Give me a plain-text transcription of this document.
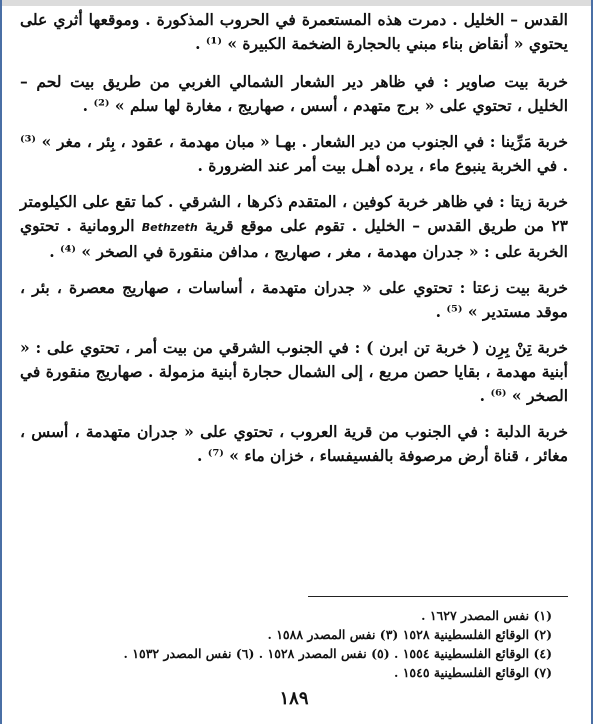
القدس – الخليل . دمرت هذه المستعمرة في الحروب المذكورة . وموقعها أثري على يحتوي « أنقاض بناء مبني بالحجارة الضخمة الكبيرة » ⁽¹⁾ .

خربة بيت صاوير : في ظاهر دير الشعار الشمالي الغربي من طريق بيت لحم – الخليل ، تحتوي على « برج متهدم ، أسس ، صهاريج ، مغارة لها سلم » ⁽²⁾ .

خربة مَرِّينا : في الجنوب من دير الشعار . بهـا « مبان مهدمة ، عقود ، بِئر ، مغر » ⁽³⁾ . في الخربة ينبوع ماء ، يرده أهـل بيت أمر عند الضرورة .

خربة زيتا : في ظاهر خربة كوفين ، المتقدم ذكرها ، الشرقي . كما تقع على الكيلومتر ٢٣ من طريق القدس – الخليل . تقوم على موقع قرية Bethzeth الرومانية . تحتوي الخربة على : « جدران مهدمة ، مغر ، صهاريج ، مدافن منقورة في الصخر » ⁽⁴⁾ .

خربة بيت زعتا : تحتوي على « جدران متهدمة ، أساسات ، صهاريج معصرة ، بئر ، موقد مستدير » ⁽⁵⁾ .

خربة تِنْ بِرِن ( خربة تن ابرن ) : في الجنوب الشرقي من بيت أمر ، تحتوي على : « أبنية مهدمة ، بقايا حصن مربع ، إلى الشمال حجارة أبنية مزمولة . صهاريج منقورة في الصخر » ⁽⁶⁾ .

خربة الدلبة : في الجنوب من قرية العروب ، تحتوي على « جدران متهدمة ، أسس ، مغائر ، قناة أرض مرصوفة بالفسيفساء ، خزان ماء » ⁽⁷⁾ .

(١) نفس المصدر ١٦٢٧ .

(٢) الوقائع الفلسطينية ١٥٢٨ (٣) نفس المصدر ١٥٨٨ .

(٤) الوقائع الفلسطينية ١٥٥٤ . (٥) نفس المصدر ١٥٢٨ . (٦) نفس المصدر ١٥٣٢ .

(٧) الوقائع الفلسطينية ١٥٤٥ .

١٨٩
